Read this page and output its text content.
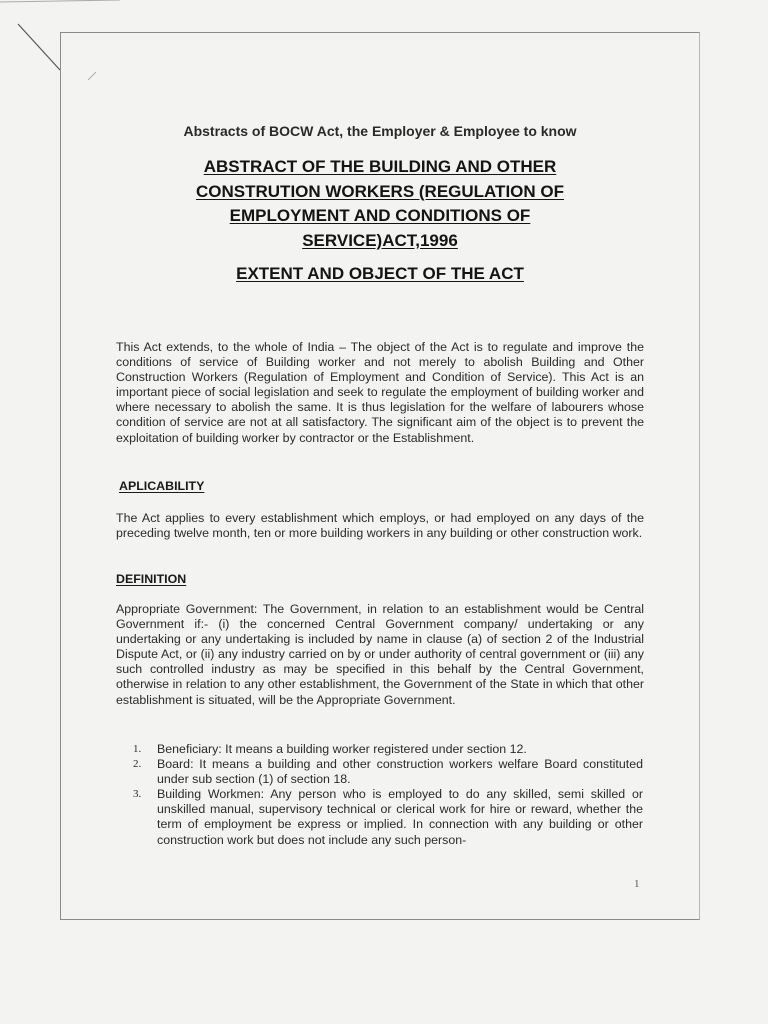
Abstracts of BOCW Act, the Employer & Employee to know

ABSTRACT OF THE BUILDING AND OTHER
CONSTRUTION WORKERS (REGULATION OF
EMPLOYMENT AND CONDITIONS OF
SERVICE)ACT,1996
EXTENT AND OBJECT OF THE ACT

This Act extends, to the whole of India – The object of the Act is to regulate and improve the conditions of service of Building worker and not merely to abolish Building and Other Construction Workers (Regulation of Employment and Condition of Service). This Act is an important piece of social legislation and seek to regulate the employment of building worker and where necessary to abolish the same. It is thus legislation for the welfare of labourers whose condition of service are not at all satisfactory. The significant aim of the object is to prevent the exploitation of building worker by contractor or the Establishment.

APLICABILITY

The Act applies to every establishment which employs, or had employed on any days of the preceding twelve month, ten or more building workers in any building or other construction work.

DEFINITION

Appropriate Government: The Government, in relation to an establishment would be Central Government if:- (i) the concerned Central Government company/ undertaking or any undertaking or any undertaking is included by name in clause (a) of section 2 of the Industrial Dispute Act, or (ii) any industry carried on by or under authority of central government or (iii) any such controlled industry as may be specified in this behalf by the Central Government, otherwise in relation to any other establishment, the Government of the State in which that other establishment is situated, will be the Appropriate Government.

1. Beneficiary: It means a building worker registered under section 12.
2. Board: It means a building and other construction workers welfare Board constituted under sub section (1) of section 18.
3. Building Workmen: Any person who is employed to do any skilled, semi skilled or unskilled manual, supervisory technical or clerical work for hire or reward, whether the term of employment be express or implied. In connection with any building or other construction work but does not include any such person-
1
